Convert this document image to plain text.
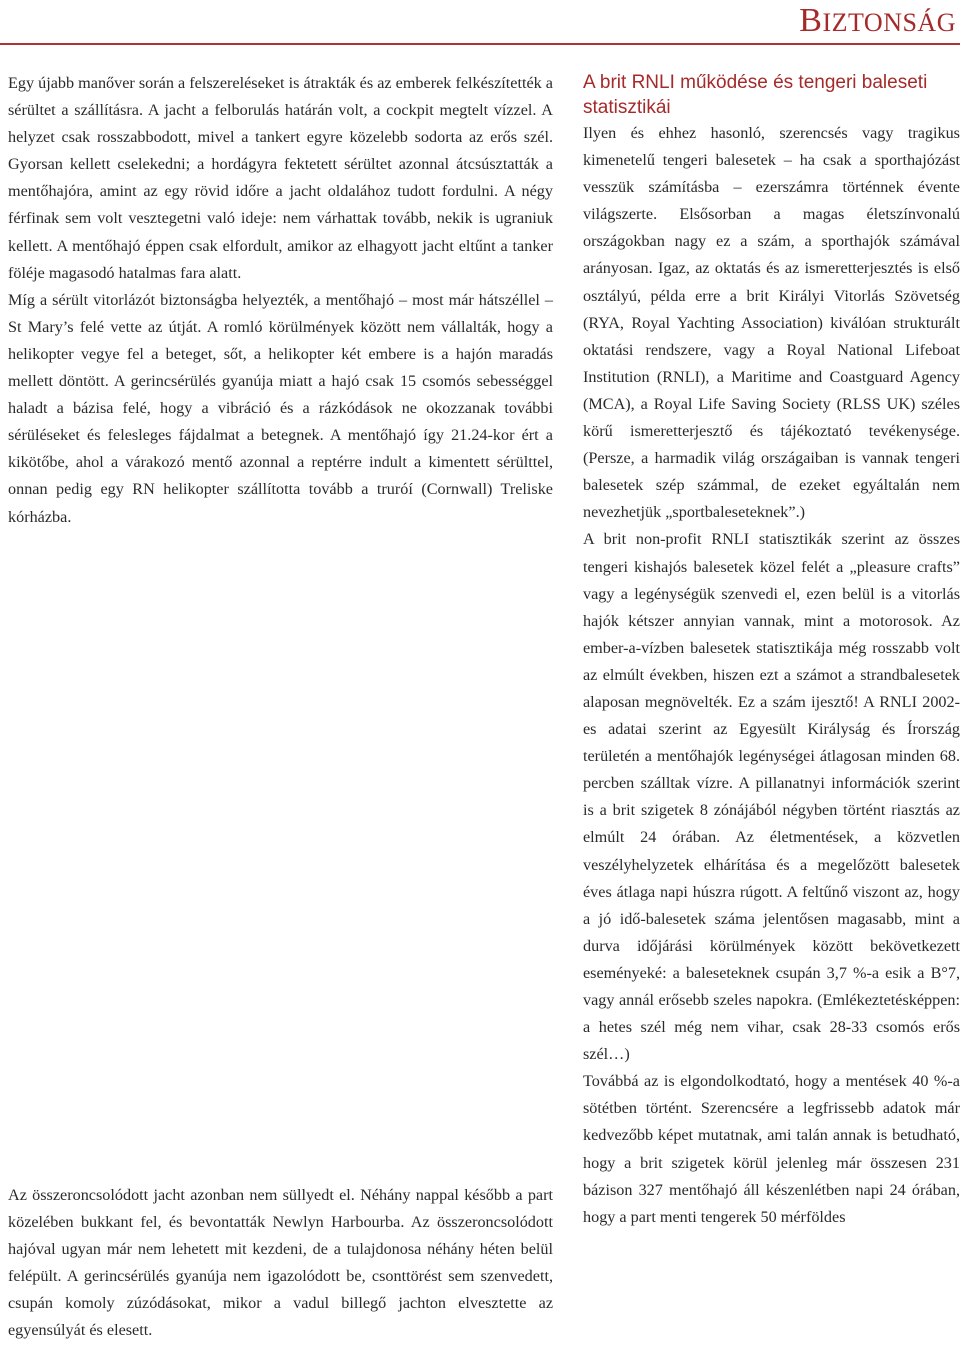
BIZTONSÁG

Egy újabb manőver során a felszereléseket is átrakták és az emberek felkészítették a sérültet a szállításra. A jacht a felborulás határán volt, a cockpit megtelt vízzel. A helyzet csak rosszabbodott, mivel a tankert egyre közelebb sodorta az erős szél. Gyorsan kellett cselekedni; a hordágyra fektetett sérültet azonnal átcsúsztatták a mentőhajóra, amint az egy rövid időre a jacht oldalához tudott fordulni. A négy férfinak sem volt vesztegetni való ideje: nem várhattak tovább, nekik is ugraniuk kellett. A mentőhajó éppen csak elfordult, amikor az elhagyott jacht eltűnt a tanker föléje magasodó hatalmas fara alatt.

Míg a sérült vitorlázót biztonságba helyezték, a mentőhajó – most már hátszéllel – St Mary’s felé vette az útját. A romló körülmények között nem vállalták, hogy a helikopter vegye fel a beteget, sőt, a helikopter két embere is a hajón maradás mellett döntött. A gerincsérülés gyanúja miatt a hajó csak 15 csomós sebességgel haladt a bázisa felé, hogy a vibráció és a rázkódások ne okozzanak további sérüléseket és felesleges fájdalmat a betegnek. A mentőhajó így 21.24-kor ért a kikötőbe, ahol a várakozó mentő azonnal a reptérre indult a kimentett sérülttel, onnan pedig egy RN helikopter szállította tovább a truróí (Cornwall) Treliske kórházba.

Az összeroncsolódott jacht azonban nem süllyedt el. Néhány nappal később a part közelében bukkant fel, és bevontatták Newlyn Harbourba. Az összeroncsolódott hajóval ugyan már nem lehetett mit kezdeni, de a tulajdonosa néhány héten belül felépült. A gerincsérülés gyanúja nem igazolódott be, csonttörést sem szenvedett, csupán komoly zúzódásokat, mikor a vadul billegő jachton elvesztette az egyensúlyát és elesett.

A brit RNLI működése és tengeri baleseti statisztikái

Ilyen és ehhez hasonló, szerencsés vagy tragikus kimenetelű tengeri balesetek – ha csak a sporthajózást vesszük számításba – ezerszámra történnek évente világszerte. Elsősorban a magas életszínvonalú országokban nagy ez a szám, a sporthajók számával arányosan. Igaz, az oktatás és az ismeretterjesztés is első osztályú, példa erre a brit Királyi Vitorlás Szövetség (RYA, Royal Yachting Association) kiválóan strukturált oktatási rendszere, vagy a Royal National Lifeboat Institution (RNLI), a Maritime and Coastguard Agency (MCA), a Royal Life Saving Society (RLSS UK) széles körű ismeretterjesztő és tájékoztató tevékenysége. (Persze, a harmadik világ országaiban is vannak tengeri balesetek szép számmal, de ezeket egyáltalán nem nevezhetjük „sportbaleseteknek”.)

A brit non-profit RNLI statisztikák szerint az összes tengeri kishajós balesetek közel felét a „pleasure crafts” vagy a legénységük szenvedi el, ezen belül is a vitorlás hajók kétszer annyian vannak, mint a motorosok. Az ember-a-vízben balesetek statisztikája még rosszabb volt az elmúlt években, hiszen ezt a számot a strandbalesetek alaposan megnövelték. Ez a szám ijesztő! A RNLI 2002-es adatai szerint az Egyesült Királyság és Írország területén a mentőhajók legénységei átlagosan minden 68. percben szálltak vízre. A pillanatnyi információk szerint is a brit szigetek 8 zónájából négyben történt riasztás az elmúlt 24 órában. Az életmentések, a közvetlen veszélyhelyzetek elhárítása és a megelőzött balesetek éves átlaga napi húszra rúgott. A feltűnő viszont az, hogy a jó idő-balesetek száma jelentősen magasabb, mint a durva időjárási körülmények között bekövetkezett eseményeké: a baleseteknek csupán 3,7 %-a esik a B°7, vagy annál erősebb szeles napokra. (Emlékeztetésképpen: a hetes szél még nem vihar, csak 28-33 csomós erős szél…)

Továbbá az is elgondolkodtató, hogy a mentések 40 %-a sötétben történt. Szerencsére a legfrissebb adatok már kedvezőbb képet mutatnak, ami talán annak is betudható, hogy a brit szigetek körül jelenleg már összesen 231 bázison 327 mentőhajó áll készenlétben napi 24 órában, hogy a part menti tengerek 50 mérföldes
